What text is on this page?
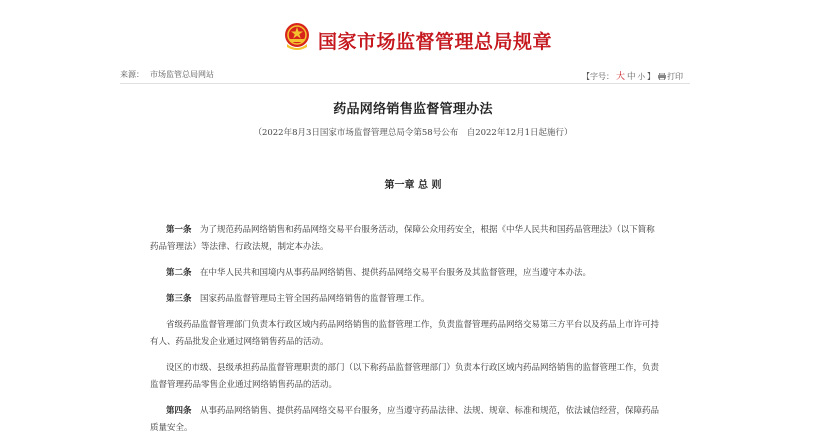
国家市场监督管理总局规章
来源： 市场监管总局网站	【字号： 大 中 小 】 打印
药品网络销售监督管理办法
（2022年8月3日国家市场监督管理总局令第58号公布　自2022年12月1日起施行）
第一章 总 则

第一条　 为了规范药品网络销售和药品网络交易平台服务活动，保障公众用药安全，根据《中华人民共和国药品管理法》（以下简称药品管理法）等法律、行政法规，制定本办法。

第二条　 在中华人民共和国境内从事药品网络销售、提供药品网络交易平台服务及其监督管理，应当遵守本办法。

第三条　 国家药品监督管理局主管全国药品网络销售的监督管理工作。

省级药品监督管理部门负责本行政区域内药品网络销售的监督管理工作，负责监督管理药品网络交易第三方平台以及药品上市许可持有人、药品批发企业通过网络销售药品的活动。

设区的市级、县级承担药品监督管理职责的部门（以下称药品监督管理部门）负责本行政区域内药品网络销售的监督管理工作，负责监督管理药品零售企业通过网络销售药品的活动。

第四条　 从事药品网络销售、提供药品网络交易平台服务，应当遵守药品法律、法规、规章、标准和规范，依法诚信经营，保障药品质量安全。
